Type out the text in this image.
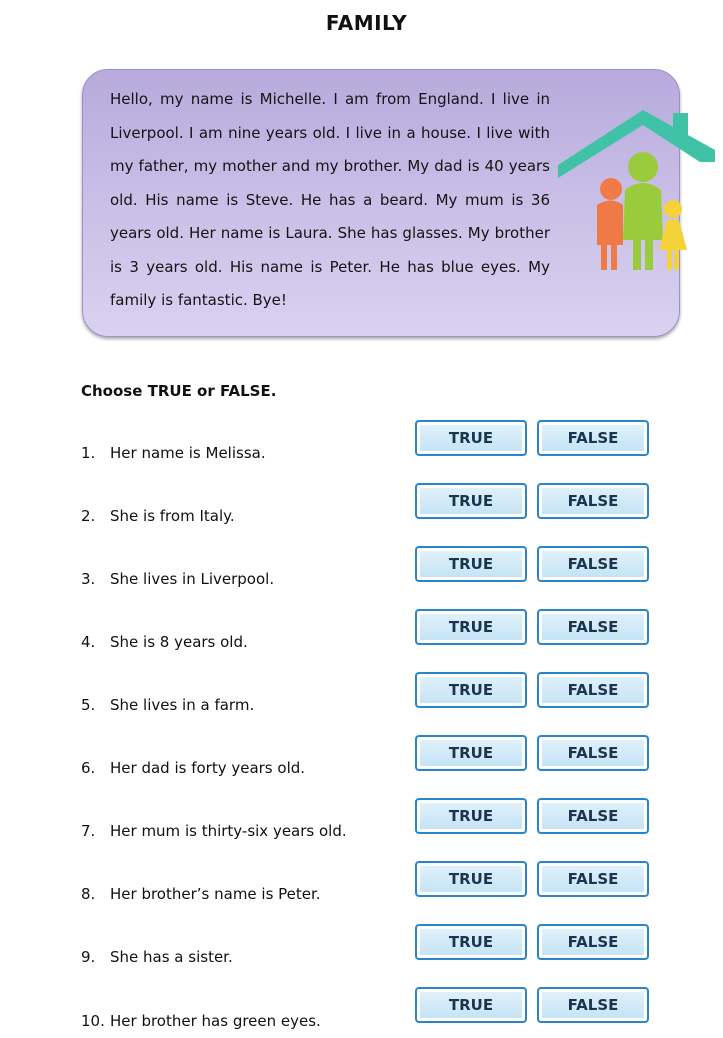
FAMILY
Hello, my name is Michelle. I am from England. I live in Liverpool. I am nine years old. I live in a house. I live with my father, my mother and my brother. My dad is 40 years old. His name is Steve. He has a beard. My mum is 36 years old. Her name is Laura. She has glasses. My brother is 3 years old. His name is Peter. He has blue eyes. My family is fantastic. Bye!
Choose TRUE or FALSE.
1. Her name is Melissa.
TRUE	FALSE
2. She is from Italy.
TRUE	FALSE
3. She lives in Liverpool.
TRUE	FALSE
4. She is 8 years old.
TRUE	FALSE
5. She lives in a farm.
TRUE	FALSE
6. Her dad is forty years old.
TRUE	FALSE
7. Her mum is thirty-six years old.
TRUE	FALSE
8. Her brother’s name is Peter.
TRUE	FALSE
9. She has a sister.
TRUE	FALSE
10. Her brother has green eyes.
TRUE	FALSE
